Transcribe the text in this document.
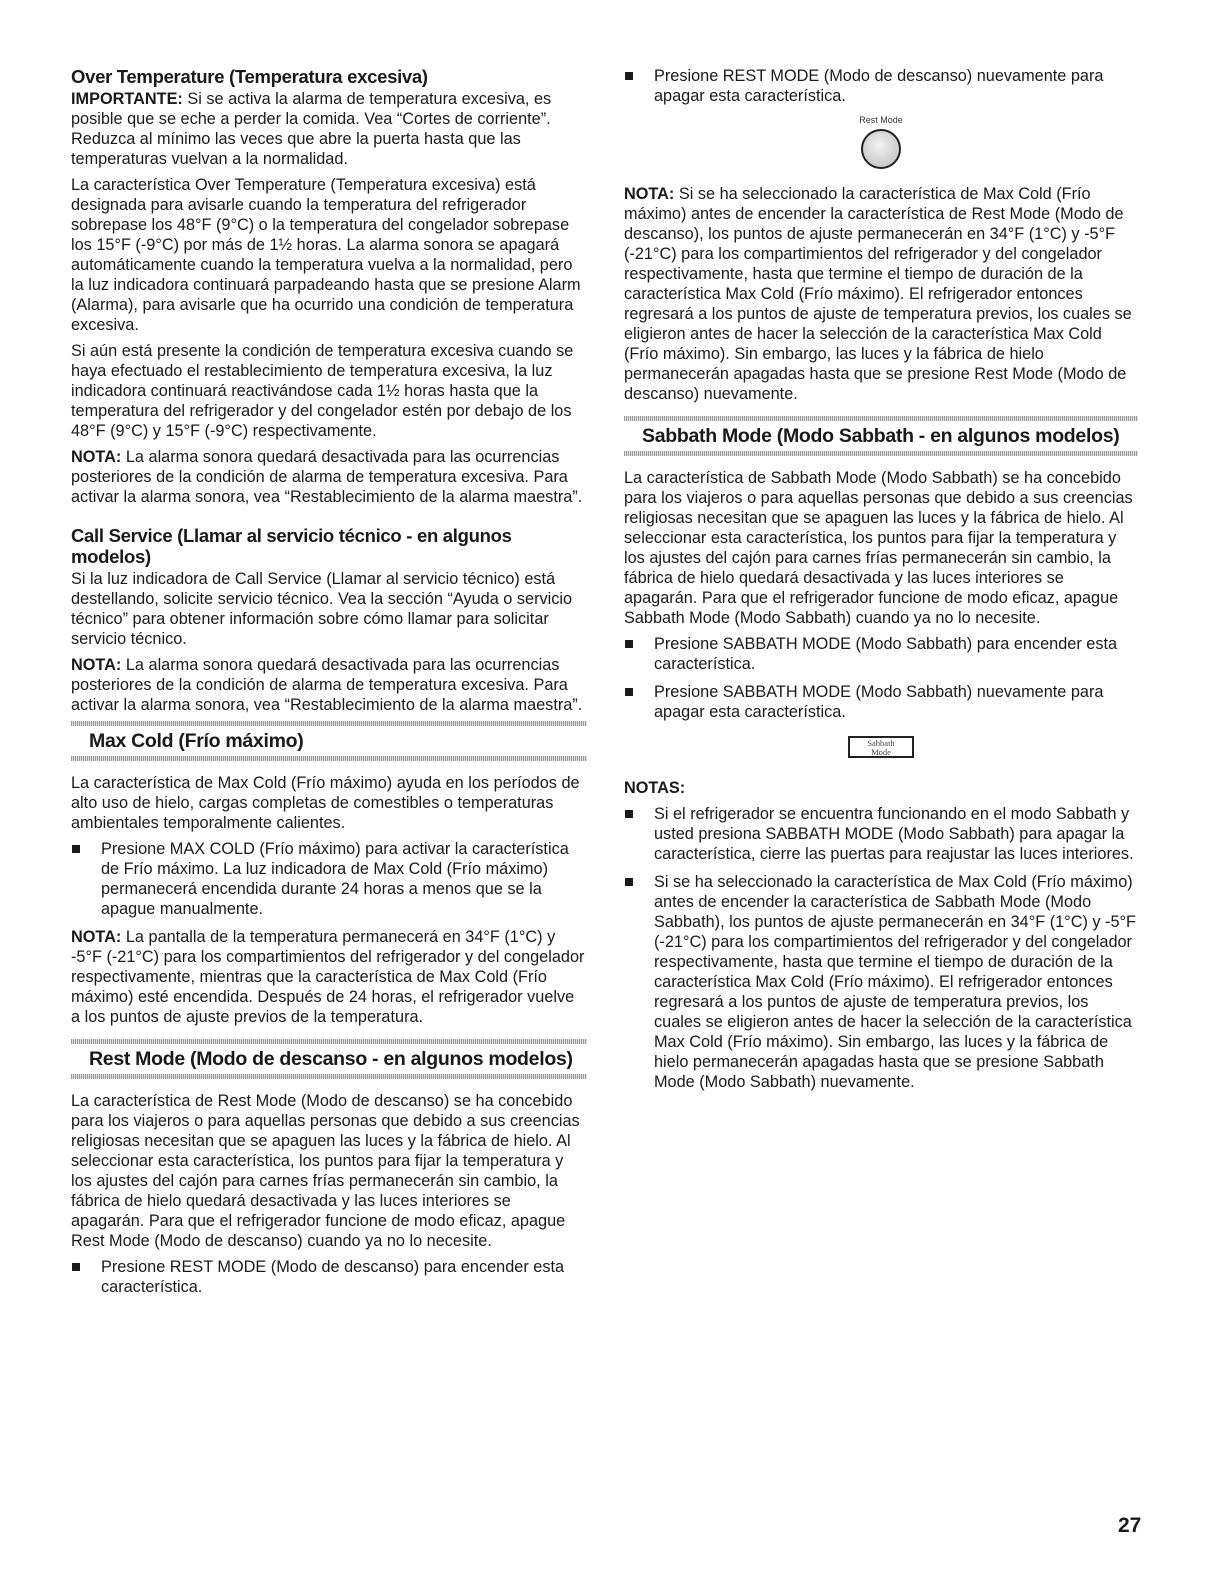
Over Temperature (Temperatura excesiva)

IMPORTANTE: Si se activa la alarma de temperatura excesiva, es posible que se eche a perder la comida. Vea “Cortes de corriente”. Reduzca al mínimo las veces que abre la puerta hasta que las temperaturas vuelvan a la normalidad.

La característica Over Temperature (Temperatura excesiva) está designada para avisarle cuando la temperatura del refrigerador sobrepase los 48°F (9°C) o la temperatura del congelador sobrepase los 15°F (-9°C) por más de 1½ horas. La alarma sonora se apagará automáticamente cuando la temperatura vuelva a la normalidad, pero la luz indicadora continuará parpadeando hasta que se presione Alarm (Alarma), para avisarle que ha ocurrido una condición de temperatura excesiva.

Si aún está presente la condición de temperatura excesiva cuando se haya efectuado el restablecimiento de temperatura excesiva, la luz indicadora continuará reactivándose cada 1½ horas hasta que la temperatura del refrigerador y del congelador estén por debajo de los 48°F (9°C) y 15°F (-9°C) respectivamente.

NOTA: La alarma sonora quedará desactivada para las ocurrencias posteriores de la condición de alarma de temperatura excesiva. Para activar la alarma sonora, vea “Restablecimiento de la alarma maestra”.

Call Service (Llamar al servicio técnico - en algunos modelos)

Si la luz indicadora de Call Service (Llamar al servicio técnico) está destellando, solicite servicio técnico. Vea la sección “Ayuda o servicio técnico” para obtener información sobre cómo llamar para solicitar servicio técnico.

NOTA: La alarma sonora quedará desactivada para las ocurrencias posteriores de la condición de alarma de temperatura excesiva. Para activar la alarma sonora, vea “Restablecimiento de la alarma maestra”.

Max Cold (Frío máximo)

La característica de Max Cold (Frío máximo) ayuda en los períodos de alto uso de hielo, cargas completas de comestibles o temperaturas ambientales temporalmente calientes.

Presione MAX COLD (Frío máximo) para activar la característica de Frío máximo. La luz indicadora de Max Cold (Frío máximo) permanecerá encendida durante 24 horas a menos que se la apague manualmente.

NOTA: La pantalla de la temperatura permanecerá en 34°F (1°C) y -5°F (-21°C) para los compartimientos del refrigerador y del congelador respectivamente, mientras que la característica de Max Cold (Frío máximo) esté encendida. Después de 24 horas, el refrigerador vuelve a los puntos de ajuste previos de la temperatura.

Rest Mode (Modo de descanso - en algunos modelos)

La característica de Rest Mode (Modo de descanso) se ha concebido para los viajeros o para aquellas personas que debido a sus creencias religiosas necesitan que se apaguen las luces y la fábrica de hielo. Al seleccionar esta característica, los puntos para fijar la temperatura y los ajustes del cajón para carnes frías permanecerán sin cambio, la fábrica de hielo quedará desactivada y las luces interiores se apagarán. Para que el refrigerador funcione de modo eficaz, apague Rest Mode (Modo de descanso) cuando ya no lo necesite.

Presione REST MODE (Modo de descanso) para encender esta característica.
Presione REST MODE (Modo de descanso) nuevamente para apagar esta característica.
Rest Mode

NOTA: Si se ha seleccionado la característica de Max Cold (Frío máximo) antes de encender la característica de Rest Mode (Modo de descanso), los puntos de ajuste permanecerán en 34°F (1°C) y -5°F (-21°C) para los compartimientos del refrigerador y del congelador respectivamente, hasta que termine el tiempo de duración de la característica Max Cold (Frío máximo). El refrigerador entonces regresará a los puntos de ajuste de temperatura previos, los cuales se eligieron antes de hacer la selección de la característica Max Cold (Frío máximo). Sin embargo, las luces y la fábrica de hielo permanecerán apagadas hasta que se presione Rest Mode (Modo de descanso) nuevamente.

Sabbath Mode (Modo Sabbath - en algunos modelos)

La característica de Sabbath Mode (Modo Sabbath) se ha concebido para los viajeros o para aquellas personas que debido a sus creencias religiosas necesitan que se apaguen las luces y la fábrica de hielo. Al seleccionar esta característica, los puntos para fijar la temperatura y los ajustes del cajón para carnes frías permanecerán sin cambio, la fábrica de hielo quedará desactivada y las luces interiores se apagarán. Para que el refrigerador funcione de modo eficaz, apague Sabbath Mode (Modo Sabbath) cuando ya no lo necesite.

Presione SABBATH MODE (Modo Sabbath) para encender esta característica.
Presione SABBATH MODE (Modo Sabbath) nuevamente para apagar esta característica.
Sabbath
Mode
NOTAS:
Si el refrigerador se encuentra funcionando en el modo Sabbath y usted presiona SABBATH MODE (Modo Sabbath) para apagar la característica, cierre las puertas para reajustar las luces interiores.
Si se ha seleccionado la característica de Max Cold (Frío máximo) antes de encender la característica de Sabbath Mode (Modo Sabbath), los puntos de ajuste permanecerán en 34°F (1°C) y -5°F (-21°C) para los compartimientos del refrigerador y del congelador respectivamente, hasta que termine el tiempo de duración de la característica Max Cold (Frío máximo). El refrigerador entonces regresará a los puntos de ajuste de temperatura previos, los cuales se eligieron antes de hacer la selección de la característica Max Cold (Frío máximo). Sin embargo, las luces y la fábrica de hielo permanecerán apagadas hasta que se presione Sabbath Mode (Modo Sabbath) nuevamente.
27
